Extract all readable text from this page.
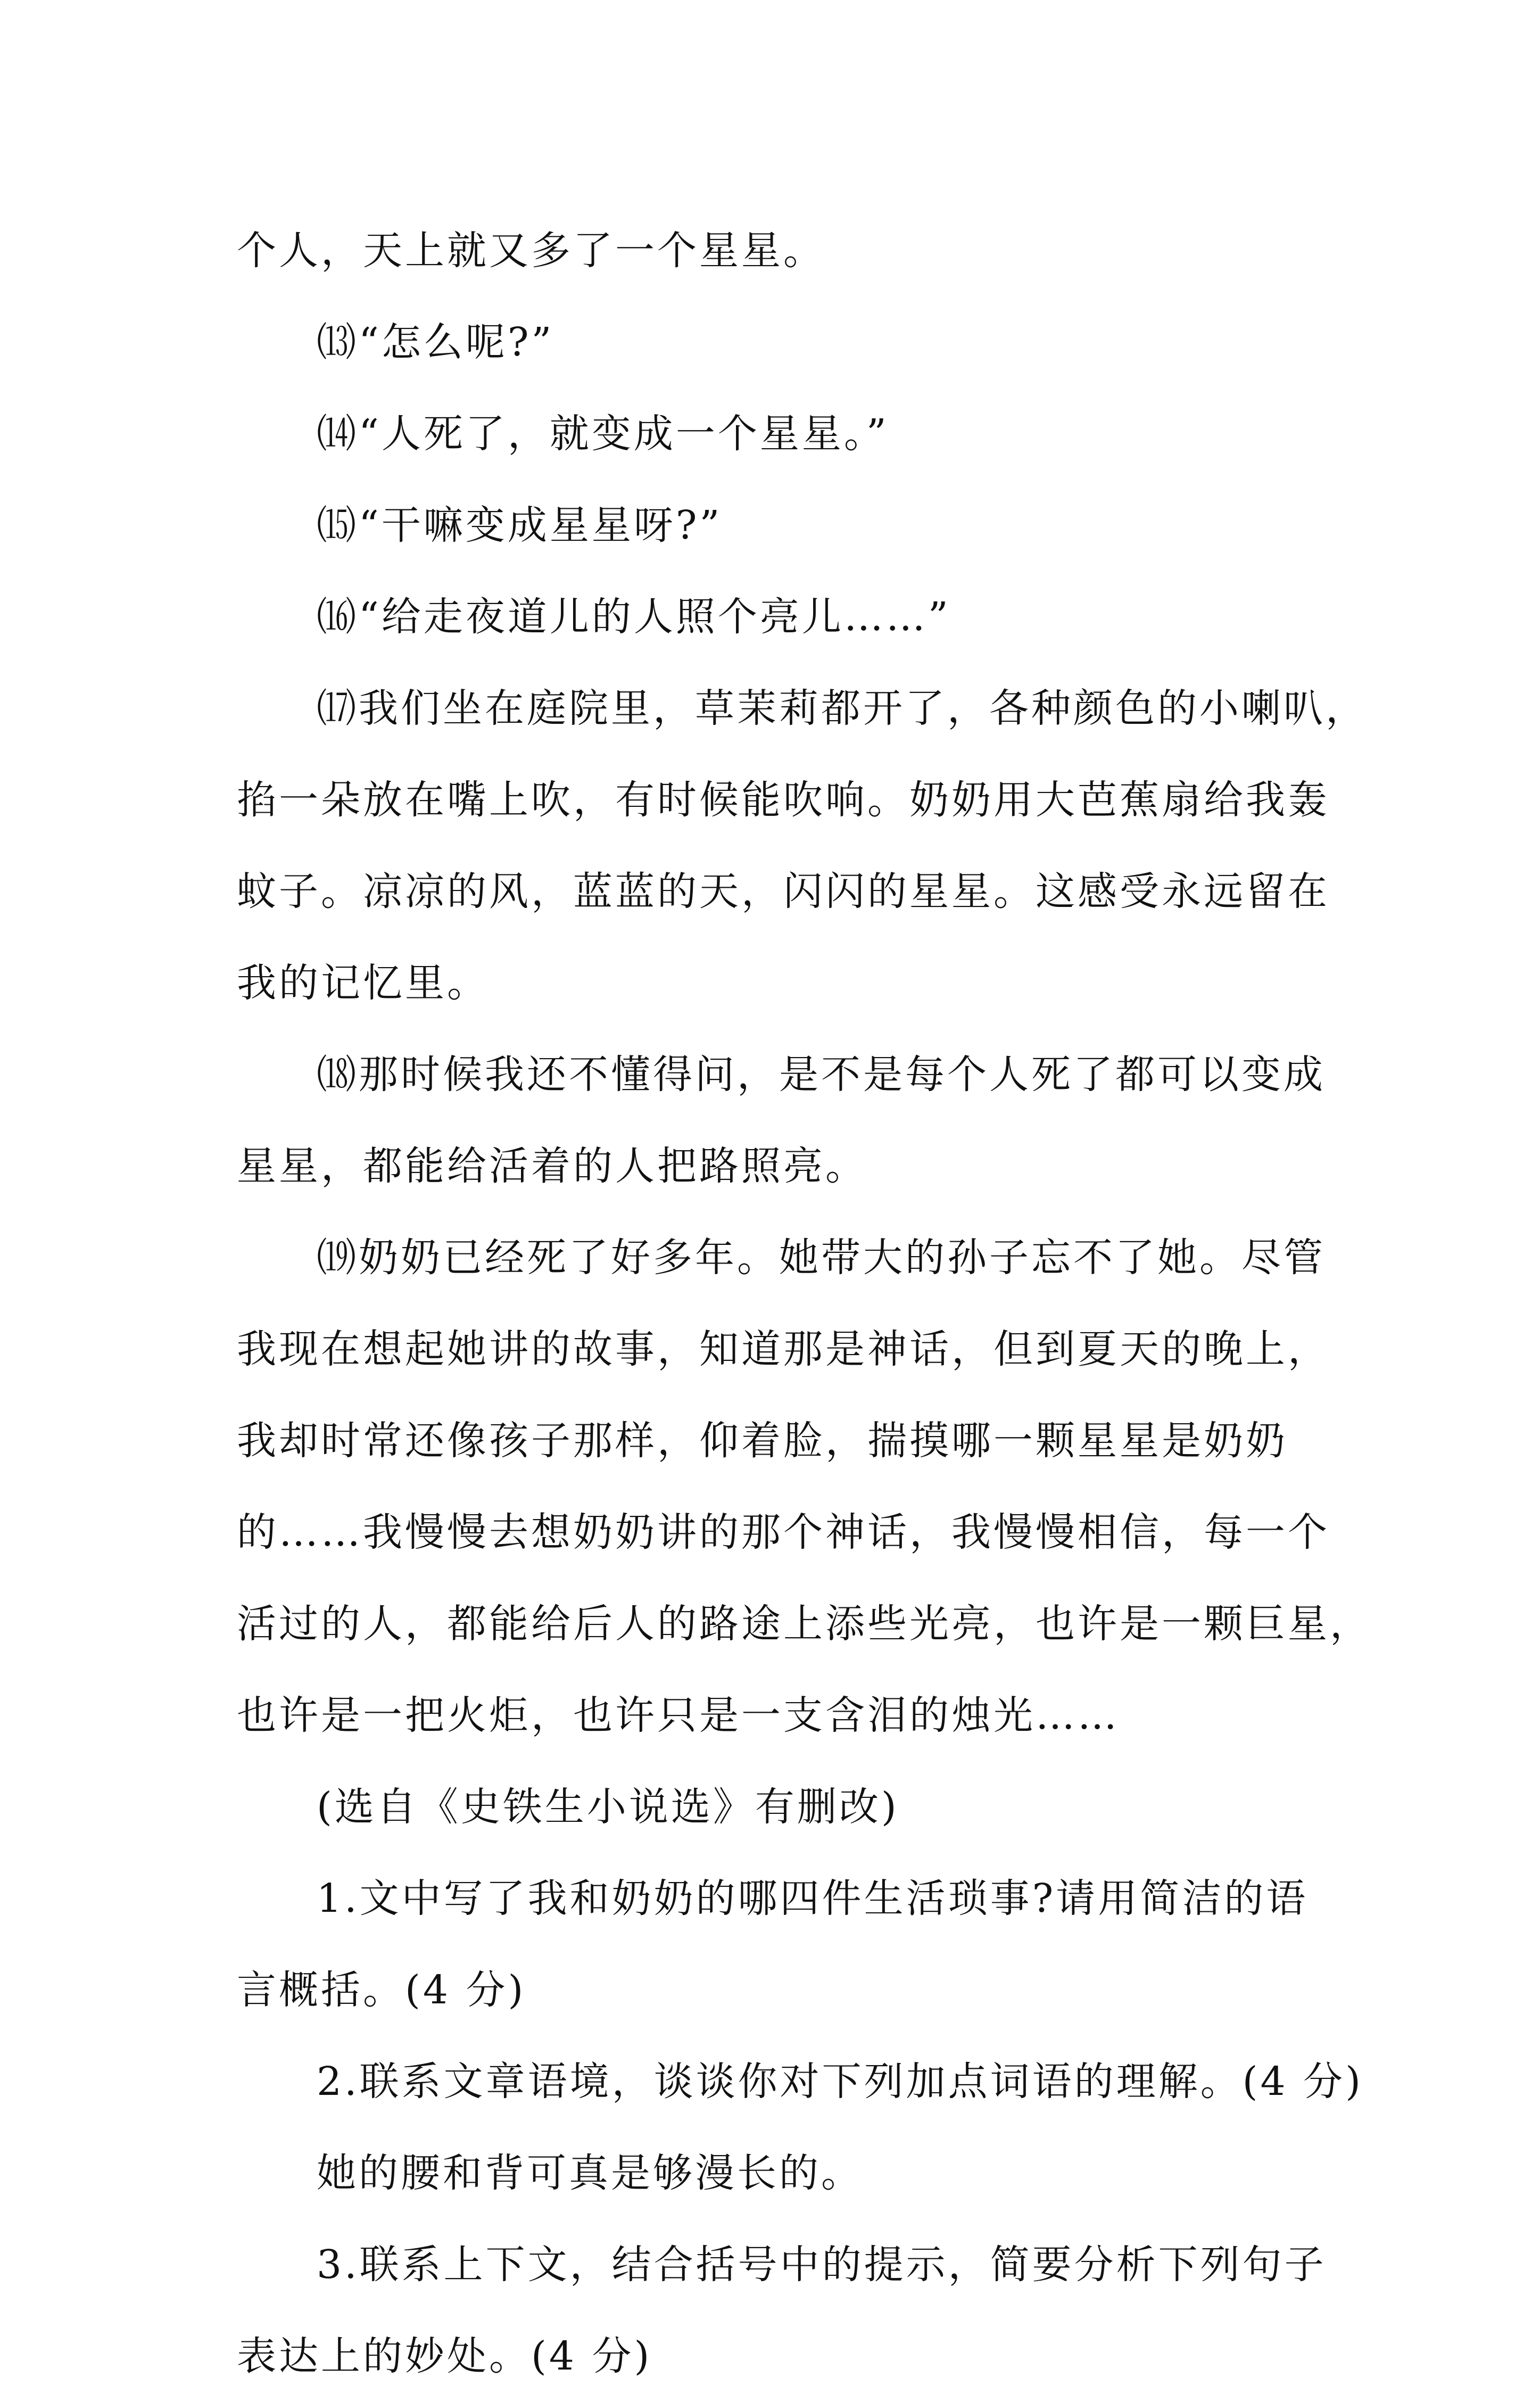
个人，天上就又多了一个星星。
⒀“怎么呢?”
⒁“人死了，就变成一个星星。”
⒂“干嘛变成星星呀?”
⒃“给走夜道儿的人照个亮儿……”
⒄我们坐在庭院里，草茉莉都开了，各种颜色的小喇叭，
掐一朵放在嘴上吹，有时候能吹响。奶奶用大芭蕉扇给我轰
蚊子。凉凉的风，蓝蓝的天，闪闪的星星。这感受永远留在
我的记忆里。
⒅那时候我还不懂得问，是不是每个人死了都可以变成
星星，都能给活着的人把路照亮。
⒆奶奶已经死了好多年。她带大的孙子忘不了她。尽管
我现在想起她讲的故事，知道那是神话，但到夏天的晚上，
我却时常还像孩子那样，仰着脸，揣摸哪一颗星星是奶奶
的……我慢慢去想奶奶讲的那个神话，我慢慢相信，每一个
活过的人，都能给后人的路途上添些光亮，也许是一颗巨星，
也许是一把火炬，也许只是一支含泪的烛光……
(选自《史铁生小说选》有删改)
1.文中写了我和奶奶的哪四件生活琐事?请用简洁的语
言概括。(4 分)
2.联系文章语境，谈谈你对下列加点词语的理解。(4 分)
她的腰和背可真是够漫长的。
3.联系上下文，结合括号中的提示，简要分析下列句子
表达上的妙处。(4 分)
